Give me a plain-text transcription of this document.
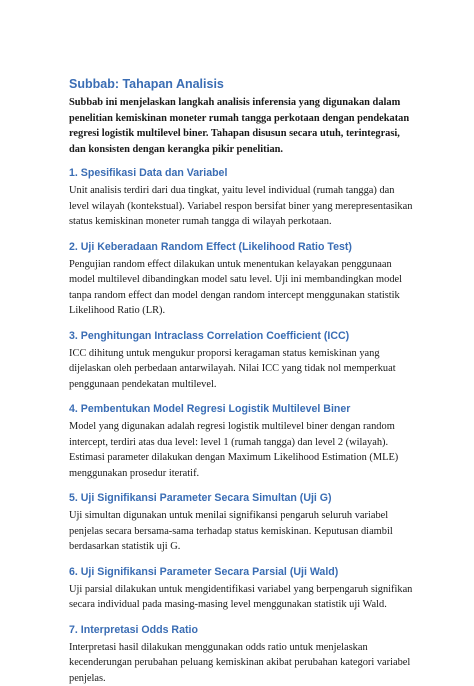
Subbab: Tahapan Analisis

Subbab ini menjelaskan langkah analisis inferensia yang digunakan dalam penelitian kemiskinan moneter rumah tangga perkotaan dengan pendekatan regresi logistik multilevel biner. Tahapan disusun secara utuh, terintegrasi, dan konsisten dengan kerangka pikir penelitian.

1. Spesifikasi Data dan Variabel

Unit analisis terdiri dari dua tingkat, yaitu level individual (rumah tangga) dan level wilayah (kontekstual). Variabel respon bersifat biner yang merepresentasikan status kemiskinan moneter rumah tangga di wilayah perkotaan.

2. Uji Keberadaan Random Effect (Likelihood Ratio Test)

Pengujian random effect dilakukan untuk menentukan kelayakan penggunaan model multilevel dibandingkan model satu level. Uji ini membandingkan model tanpa random effect dan model dengan random intercept menggunakan statistik Likelihood Ratio (LR).

3. Penghitungan Intraclass Correlation Coefficient (ICC)

ICC dihitung untuk mengukur proporsi keragaman status kemiskinan yang dijelaskan oleh perbedaan antarwilayah. Nilai ICC yang tidak nol memperkuat penggunaan pendekatan multilevel.

4. Pembentukan Model Regresi Logistik Multilevel Biner

Model yang digunakan adalah regresi logistik multilevel biner dengan random intercept, terdiri atas dua level: level 1 (rumah tangga) dan level 2 (wilayah). Estimasi parameter dilakukan dengan Maximum Likelihood Estimation (MLE) menggunakan prosedur iteratif.

5. Uji Signifikansi Parameter Secara Simultan (Uji G)

Uji simultan digunakan untuk menilai signifikansi pengaruh seluruh variabel penjelas secara bersama-sama terhadap status kemiskinan. Keputusan diambil berdasarkan statistik uji G.

6. Uji Signifikansi Parameter Secara Parsial (Uji Wald)

Uji parsial dilakukan untuk mengidentifikasi variabel yang berpengaruh signifikan secara individual pada masing-masing level menggunakan statistik uji Wald.

7. Interpretasi Odds Ratio

Interpretasi hasil dilakukan menggunakan odds ratio untuk menjelaskan kecenderungan perubahan peluang kemiskinan akibat perubahan kategori variabel penjelas.
